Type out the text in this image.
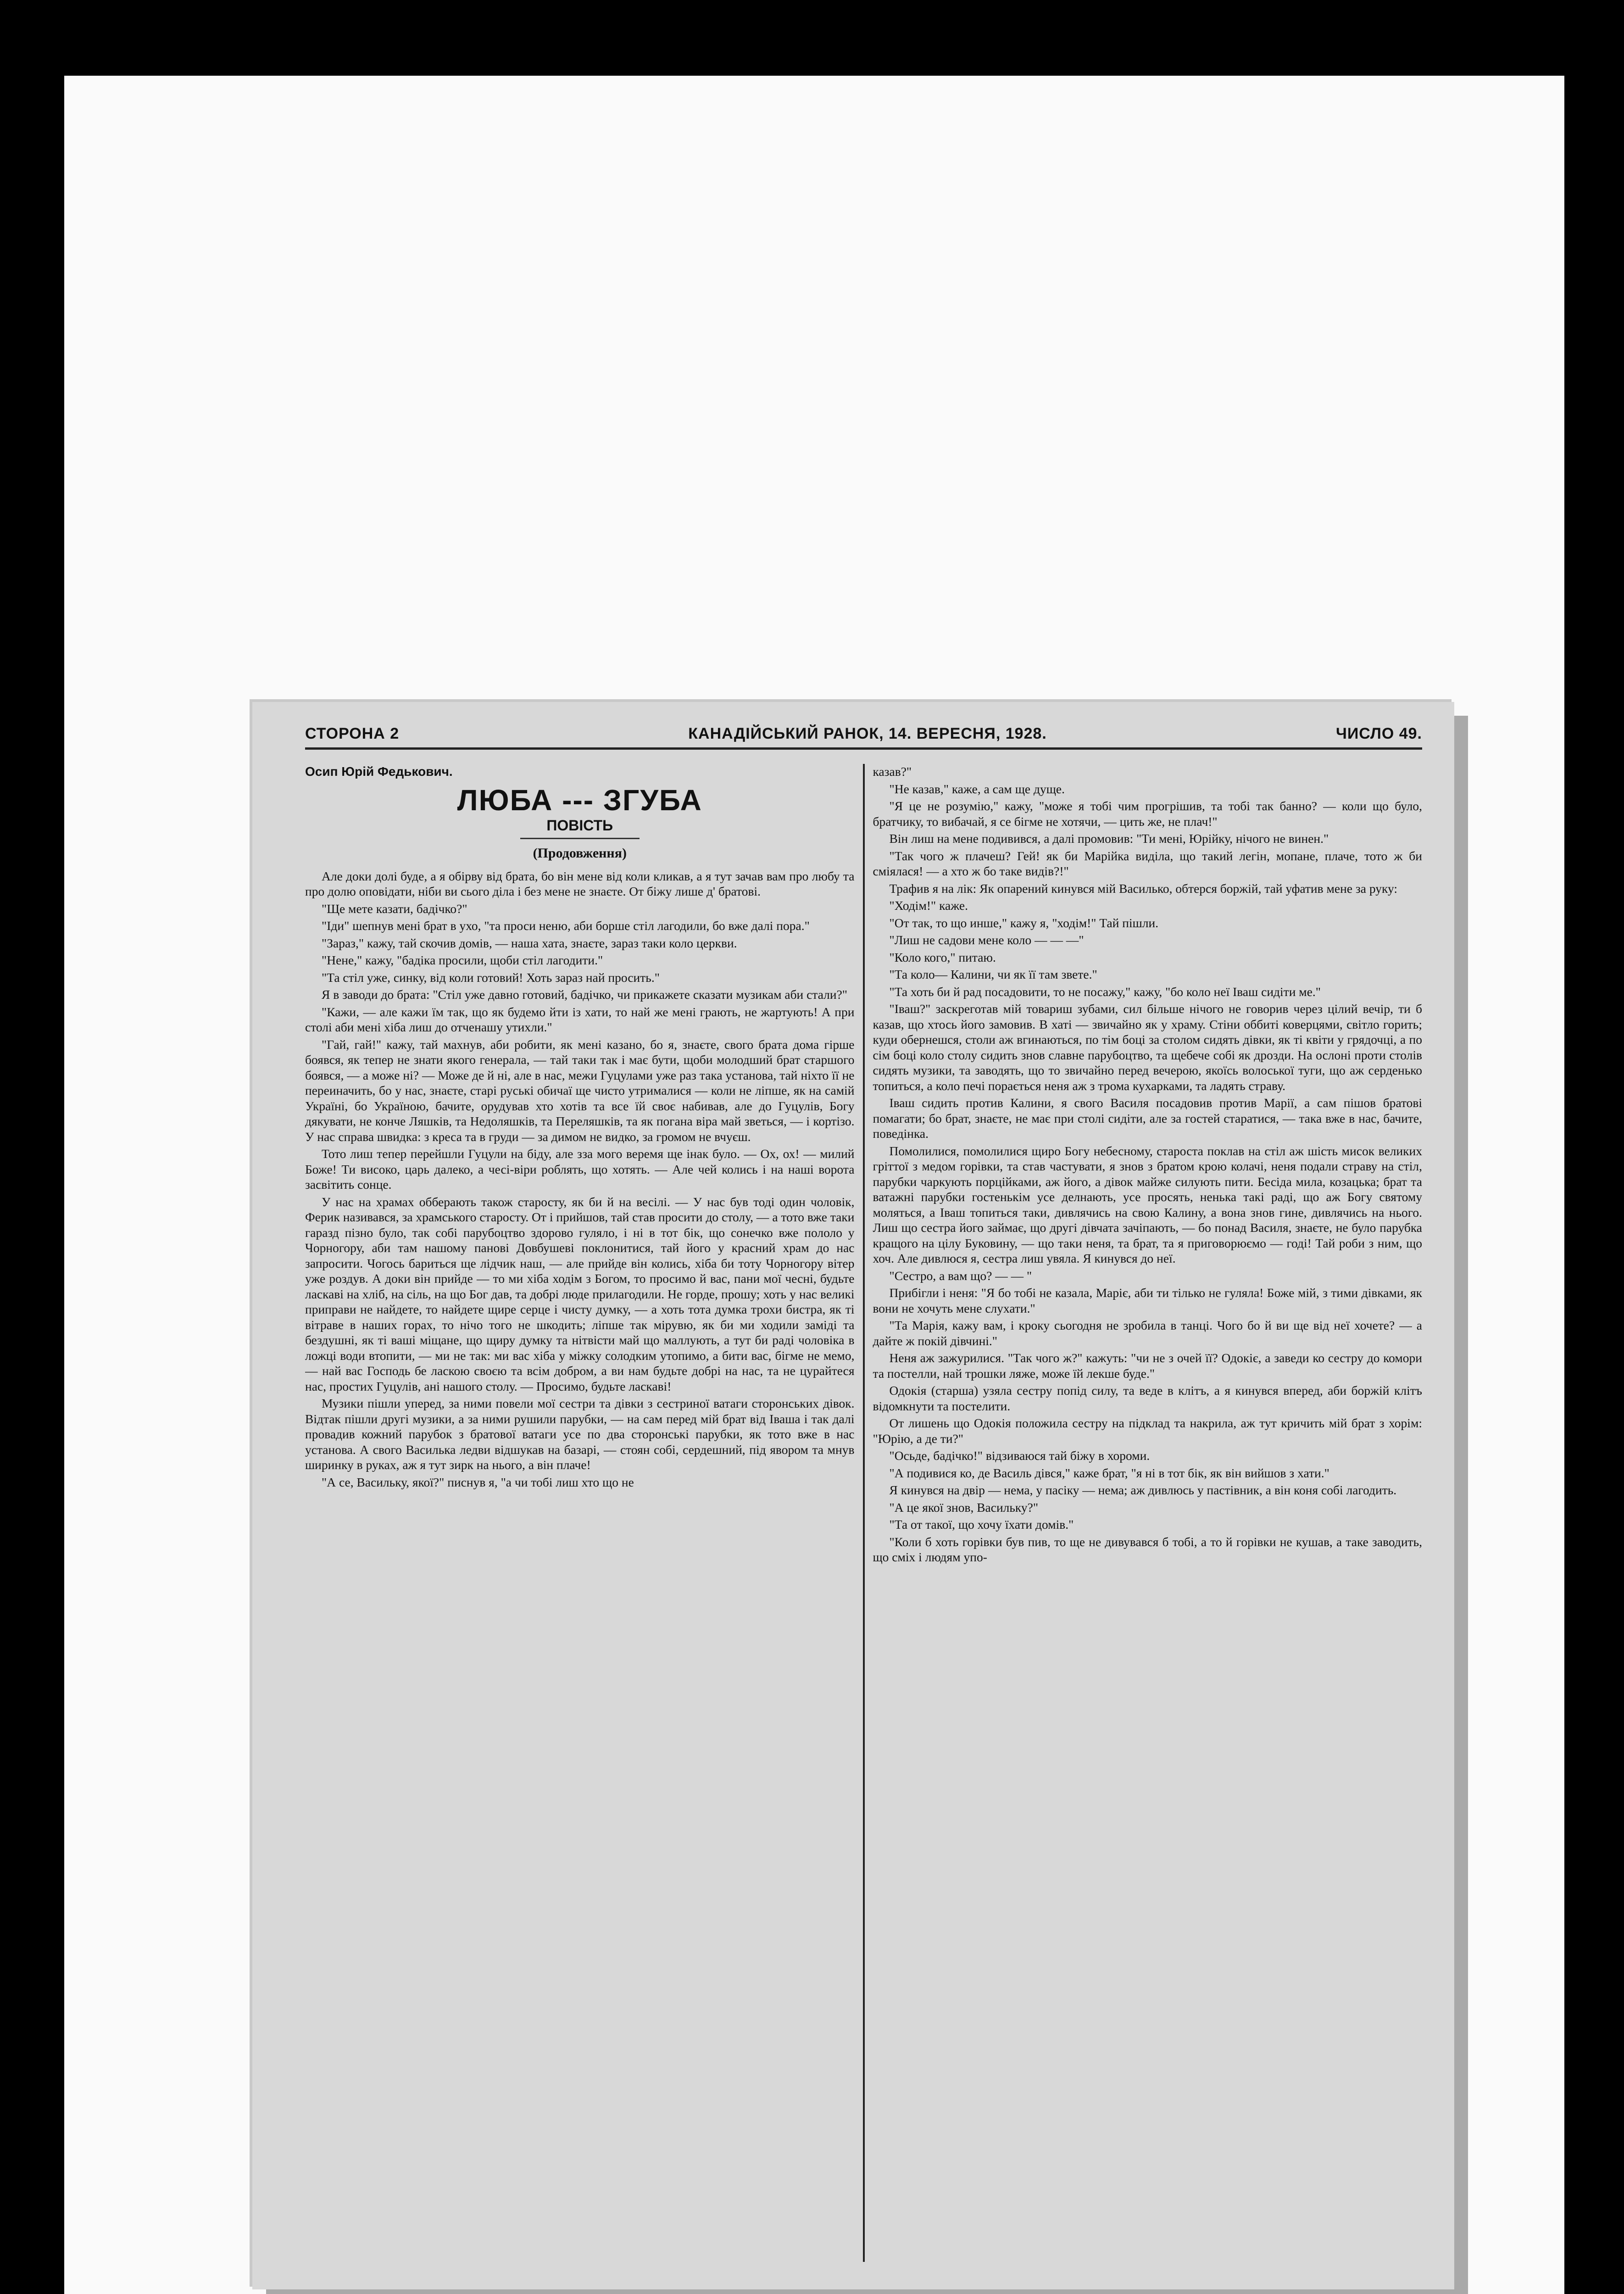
СТОРОНА 2	КАНАДІЙСЬКИЙ РАНОК, 14. ВЕРЕСНЯ, 1928.	ЧИСЛО 49.
Осип Юрій Федькович.
ЛЮБА --- ЗГУБА
ПОВІСТЬ
(Продовження)

Але доки долі буде, а я обірву від брата, бо він мене від коли кликав, а я тут зачав вам про любу та про долю оповідати, ніби ви сього діла і без мене не знаєте. От біжу лише д' братові.

"Ще мете казати, бадічко?"

"Іди" шепнув мені брат в ухо, "та проси неню, аби борше стіл лагодили, бо вже далі пора."

"Зараз," кажу, тай скочив домів, — наша хата, знаєте, зараз таки коло церкви.

"Нене," кажу, "бадіка просили, щоби стіл лагодити."

"Та стіл уже, синку, від коли готовий! Хоть зараз най просить."

Я в заводи до брата: "Стіл уже давно готовий, бадічко, чи прикажете сказати музикам аби стали?"

"Кажи, — але кажи їм так, що як будемо йти із хати, то най же мені грають, не жартують! А при столі аби мені хіба лиш до отченашу утихли."

"Гай, гай!" кажу, тай махнув, аби робити, як мені казано, бо я, знаєте, свого брата дома гірше боявся, як тепер не знати якого генерала, — тай таки так і має бути, щоби молодший брат старшого боявся, — а може ні? — Може де й ні, але в нас, межи Гуцулами уже раз така установа, тай ніхто її не переиначить, бо у нас, знаєте, старі руські обичаї ще чисто утрималися — коли не ліпше, як на самій Україні, бо Україною, бачите, орудував хто хотів та все їй своє набивав, але до Гуцулів, Богу дякувати, не конче Ляшків, та Недоляшків, та Переляшків, та як погана віра май зветься, — і кортізо. У нас справа швидка: з креса та в груди — за димом не видко, за громом не вчуєш.

Тото лиш тепер перейшли Гуцули на біду, але зза мого веремя ще інак було. — Ох, ох! — милий Боже! Ти високо, царь далеко, а чесі-віри роблять, що хотять. — Але чей колись і на наші ворота засвітить сонце.

У нас на храмах обберають також старосту, як би й на весілі. — У нас був тоді один чоловік, Ферик називався, за храмського старосту. От і прийшов, тай став просити до столу, — а тото вже таки гаразд пізно було, так собі парубоцтво здорово гуляло, і ні в тот бік, що сонечко вже пололо у Чорногору, аби там нашому панові Довбушеві поклонитися, тай його у красний храм до нас запросити. Чогось бариться ще лідчик наш, — але прийде він колись, хіба би тоту Чорногору вітер уже роздув. А доки він прийде — то ми хіба ходім з Богом, то просимо й вас, пани мої чесні, будьте ласкаві на хліб, на сіль, на що Бог дав, та добрі люде прилагодили. Не горде, прошу; хоть у нас великі приправи не найдете, то найдете щире серце і чисту думку, — а хоть тота думка трохи бистра, як ті вітраве в наших горах, то нічо того не шкодить; ліпше так мірувю, як би ми ходили заміді та бездушні, як ті ваші міщане, що щиру думку та нітвісти май що маллують, а тут би раді чоловіка в ложці води втопити, — ми не так: ми вас хіба у міжку солодким утопимо, а бити вас, бігме не мемо, — най вас Господь бе ласкою своєю та всім добром, а ви нам будьте добрі на нас, та не цурайтеся нас, простих Гуцулів, ані нашого столу. — Просимо, будьте ласкаві!

Музики пішли уперед, за ними повели мої сестри та дівки з сестриної ватаги сторонських дівок. Відтак пішли другі музики, а за ними рушили парубки, — на сам перед мій брат від Іваша і так далі провадив кожний парубок з братової ватаги усе по два сторонські парубки, як тото вже в нас установа. А свого Василька ледви відшукав на базарі, — стоян собі, сердешний, під явором та мнув ширинку в руках, аж я тут зирк на нього, а він плаче!

"А се, Васильку, якої?" писнув я, "а чи тобі лиш хто що не

казав?"

"Не казав," каже, а сам ще дуще.

"Я це не розумію," кажу, "може я тобі чим прогрішив, та тобі так банно? — коли що було, братчику, то вибачай, я се бігме не хотячи, — цить же, не плач!"

Він лиш на мене подивився, а далі промовив: "Ти мені, Юрійку, нічого не винен."

"Так чого ж плачеш? Гей! як би Марійка виділа, що такий легін, мопане, плаче, тото ж би сміялася! — а хто ж бо таке видів?!"

Трафив я на лік: Як опарений кинувся мій Василько, обтерся боржій, тай уфатив мене за руку:

"Ходім!" каже.

"От так, то що инше," кажу я, "ходім!" Тай пішли.

"Лиш не садови мене коло — — —"

"Коло кого," питаю.

"Та коло— Калини, чи як її там звете."

"Та хоть би й рад посадовити, то не посажу," кажу, "бо коло неї Іваш сидіти ме."

"Іваш?" заскреготав мій товариш зубами, сил більше нічого не говорив через цілий вечір, ти б казав, що хтось його замовив. В хаті — звичайно як у храму. Стіни оббиті коверцями, світло горить; куди обернешся, столи аж вгинаються, по тім боці за столом сидять дівки, як ті квіти у грядочці, а по сім боці коло столу сидить знов славне парубоцтво, та щебече собі як дрозди. На ослоні проти столів сидять музики, та заводять, що то звичайно перед вечерою, якоїсь волоської туги, що аж серденько топиться, а коло печі порається неня аж з трома кухарками, та ладять страву.

Іваш сидить против Калини, я свого Василя посадовив против Марії, а сам пішов братові помагати; бо брат, знаєте, не має при столі сидіти, але за гостей старатися, — така вже в нас, бачите, поведінка.

Помолилися, помолилися щиро Богу небесному, староста поклав на стіл аж шість мисок великих гріттої з медом горівки, та став частувати, я знов з братом крою колачі, неня подали страву на стіл, парубки чаркують порційками, аж його, а дівок майже силують пити. Бесіда мила, козацька; брат та ватажні парубки гостенькім усе делнають, усе просять, ненька такі раді, що аж Богу святому моляться, а Іваш топиться таки, дивлячись на свою Калину, а вона знов гине, дивлячись на нього. Лиш що сестра його займає, що другі дівчата зачіпають, — бо понад Василя, знаєте, не було парубка кращого на цілу Буковину, — що таки неня, та брат, та я приговорюємо — годі! Тай роби з ним, що хоч. Але дивлюся я, сестра лиш увяла. Я кинувся до неї.

"Сестро, а вам що? — — "

Прибігли і неня: "Я бо тобі не казала, Маріє, аби ти тілько не гуляла! Боже мій, з тими дівками, як вони не хочуть мене слухати."

"Та Марія, кажу вам, і кроку сьогодня не зробила в танці. Чого бо й ви ще від неї хочете? — а дайте ж покій дівчині."

Неня аж зажурилися. "Так чого ж?" кажуть: "чи не з очей її? Одокіє, а заведи ко сестру до комори та постелли, най трошки ляже, може їй лекше буде."

Одокія (старша) узяла сестру попід силу, та веде в клітъ, а я кинувся вперед, аби боржій клітъ відомкнути та постелити.

От лишень що Одокія положила сестру на підклад та накрила, аж тут кричить мій брат з хорім: "Юрію, а де ти?"

"Осьде, бадічко!" відзиваюся тай біжу в хороми.

"А подивися ко, де Василь дівся," каже брат, "я ні в тот бік, як він вийшов з хати."

Я кинувся на двір — нема, у пасіку — нема; аж дивлюсь у пастівник, а він коня собі лагодить.

"А це якої знов, Васильку?"

"Та от такої, що хочу їхати домів."

"Коли б хоть горівки був пив, то ще не дивувався б тобі, а то й горівки не кушав, а таке заводить, що сміх і людям упо-
